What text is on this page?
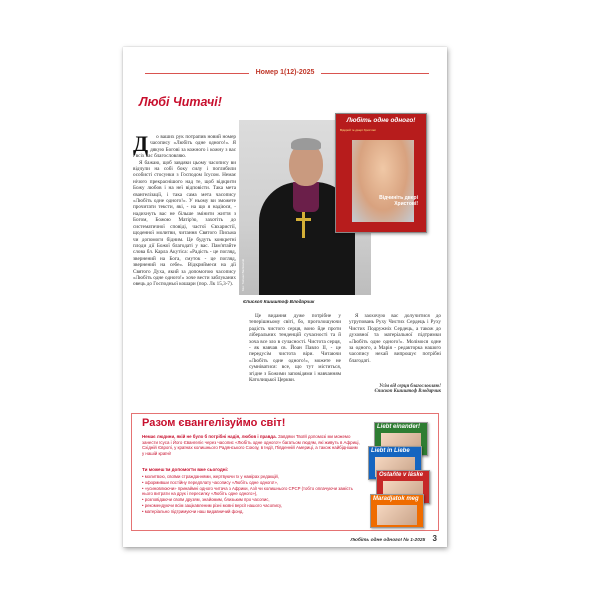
Номер 1(12)-2025
Любі Читачі!
Д	о ваших рук потрапив новий номер часопису «Любіть одне одного!». Я дякую Богові за кожного і кожну з вас і всіх вас благословляю.

Я бажаю, щоб завдяки цьому часопису ви відчули на собі боку силу і поглибили особисті стосунки з Господом Ісусом. Немає нічого прекраснішого над те, щоб відкрити Божу любов і на неї відповісти. Така мета євангелізації, і така сама мета часопису «Любіть одне одного!». У ньому ви зможете прочитати тексти, які, - на що я надіюся, - надихнуть вас не більше змінити життя з Богом, Божою Матір'ю, захотіть до систематичної сповіді, частої Євхаристії, щоденної молитви, читання Святого Письма чи допомоги бідним. Це будуть конкретні плоди дії Божої благодаті у вас. Пам'ятайте слова бл. Карла Акутіса: «Радість - це погляд, звернений на Бога, смуток - це погляд, звернений на себе». Відкриймеся на дії Святого Духа, який за допомогою часопису «Любіть одне одного!» хоче вести заблуканих овець до Господньої кошари (пор. Лк 15,3-7).	foto: Tomasz Bańkowski
Любіть одне одного!
Відкрий те двері Христові
Відчиніть двері Христові!
Єпископ Кшиштоф Влодарчик

Це видання дуже потрібне у теперішньому світі, бо, проголошуючи радість чистого серця, воно йде проти ліберальних тенденцій сучасності та й хоча все зло в сучасності. Чистота серця, - як навчав св. Йоан Павло II, - це передусім чистота віри. Читаючи «Любіть одне одного!», можете не сумніватися: все, що тут міститься, згідне з Божими заповідями і навчанням Католицької Церкви.

Я заохочую вас долучитися до угруповань Руху Чистих Сердець і Руху Чистих Подружніх Сердець, а також до духовної та матеріальної підтримки «Любіть одне одного!». Молімося одне за одного, а Марія - редакторка нашого часопису нехай випрошує потрібні благодаті.

Усім від серця благословляю!
Єпископ Кшиштоф Влодарчик
Разом євангелізуймо світ!
Немає людини, якій не було б потрібні надія, любов і правда. Завдяки Твоїй допомозі ми можемо занести Ісуса і Його Євангеліє через часопис «Любіть одне одного!» багатьом людям, які живуть в Африці, Східній Європі, у країнах колишнього Радянського Союзу, в Індії, Південній Америці, а також найбіднішим у нашій країні!
Ти можеш їм допомогти вже сьогодні:
• молитвою, своїми стражданнями, жертвуючи їх у намірах редакцій,
• оформивши постійну передплату часопису «Любіть одне одного!»,
• «усиновлюючи» принаймні одного читача з Африки, Азії чи колишнього СРСР (тобто оплачуючи замість нього витрати на друк і пересилку «Любіть одне одного»),
• розповідаючи своїм друзям, знайомим, близьким про часопис,
• рекомендуючи всім зацікавленим різні мовні версії нашого часопису,
• матеріально підтримуючи наш видавничий фонд.
Liebt einander!
Liebt in Liebe
Ostaňte v láske
Maradjatok meg
Любіть одне одного! № 1-2025 3
